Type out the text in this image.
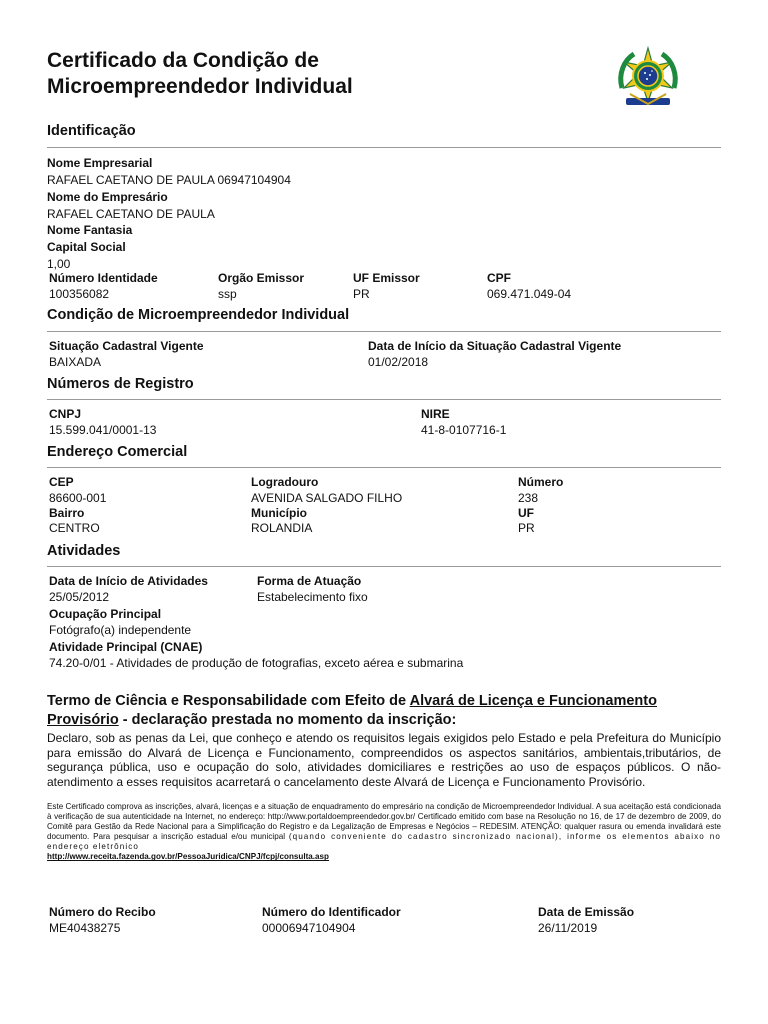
Certificado da Condição de
Microempreendedor Individual
Identificação
Nome Empresarial
RAFAEL CAETANO DE PAULA 06947104904
Nome do Empresário
RAFAEL CAETANO DE PAULA
Nome Fantasia
Capital Social
1,00
Número Identidade
100356082
Orgão Emissor
ssp
UF Emissor
PR
CPF
069.471.049-04
Condição de Microempreendedor Individual
Situação Cadastral Vigente
BAIXADA
Data de Início da Situação Cadastral Vigente
01/02/2018
Números de Registro
CNPJ
15.599.041/0001-13
NIRE
41-8-0107716-1
Endereço Comercial
CEP
86600-001
Logradouro
AVENIDA SALGADO FILHO
Número
238
Bairro
CENTRO
Município
ROLANDIA
UF
PR
Atividades
Data de Início de Atividades
25/05/2012
Forma de Atuação
Estabelecimento fixo
Ocupação Principal
Fotógrafo(a) independente
Atividade Principal (CNAE)
74.20-0/01 - Atividades de produção de fotografias, exceto aérea e submarina
Termo de Ciência e Responsabilidade com Efeito de Alvará de Licença e Funcionamento Provisório - declaração prestada no momento da inscrição:
Declaro, sob as penas da Lei, que conheço e atendo os requisitos legais exigidos pelo Estado e pela Prefeitura do Município para emissão do Alvará de Licença e Funcionamento, compreendidos os aspectos sanitários, ambientais,tributários, de segurança pública, uso e ocupação do solo, atividades domiciliares e restrições ao uso de espaços públicos. O não-atendimento a esses requisitos acarretará o cancelamento deste Alvará de Licença e Funcionamento Provisório.
Este Certificado comprova as inscrições, alvará, licenças e a situação de enquadramento do empresário na condição de Microempreendedor Individual. A sua aceitação está condicionada à verificação de sua autenticidade na Internet, no endereço: http://www.portaldoempreendedor.gov.br/ Certificado emitido com base na Resolução no 16, de 17 de dezembro de 2009, do Comitê para Gestão da Rede Nacional para a Simplificação do Registro e da Legalização de Empresas e Negócios – REDESIM. ATENÇÃO: qualquer rasura ou emenda invalidará este documento. Para pesquisar a inscrição estadual e/ou municipal (quando conveniente do cadastro sincronizado nacional), informe os elementos abaixo no endereço eletrônico
http://www.receita.fazenda.gov.br/PessoaJuridica/CNPJ/fcpj/consulta.asp
Número do Recibo
ME40438275
Número do Identificador
00006947104904
Data de Emissão
26/11/2019
